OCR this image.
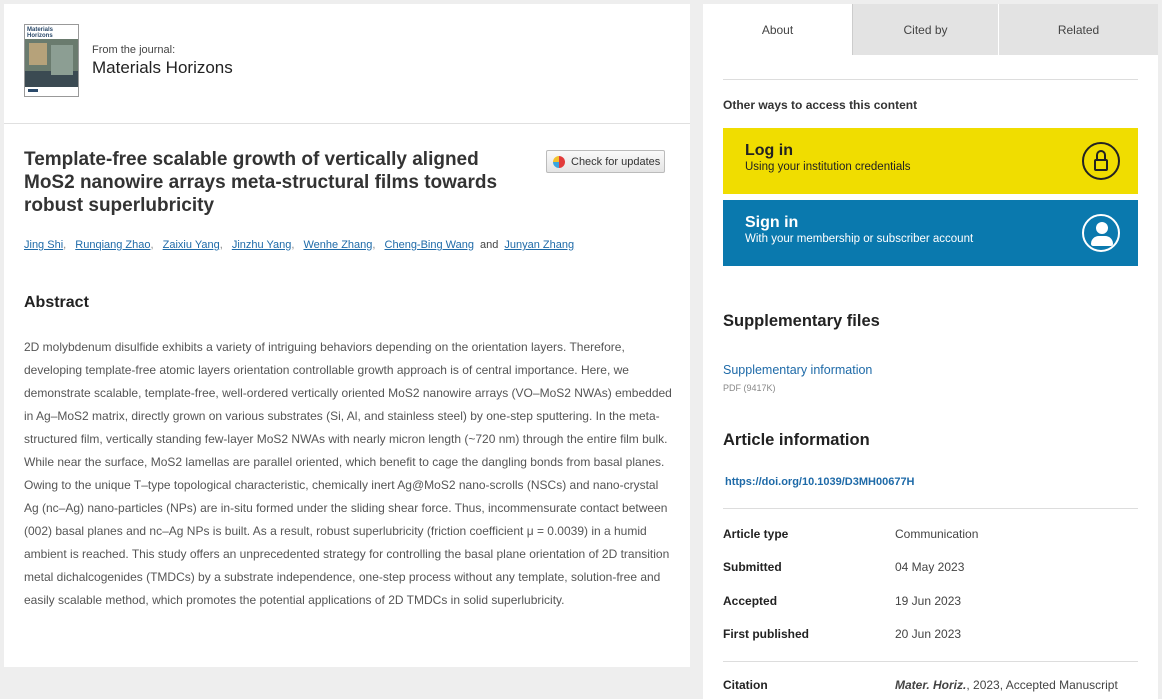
Materials Horizons
From the journal:
Materials Horizons
Template-free scalable growth of vertically aligned MoS2 nanowire arrays meta-structural films towards robust superlubricity
Check for updates
Jing Shi, Runqiang Zhao, Zaixiu Yang, Jinzhu Yang, Wenhe Zhang, Cheng-Bing Wang and Junyan Zhang
Abstract

2D molybdenum disulfide exhibits a variety of intriguing behaviors depending on the orientation layers. Therefore, developing template-free atomic layers orientation controllable growth approach is of central importance. Here, we demonstrate scalable, template-free, well-ordered vertically oriented MoS2 nanowire arrays (VO–MoS2 NWAs) embedded in Ag–MoS2 matrix, directly grown on various substrates (Si, Al, and stainless steel) by one-step sputtering. In the meta-structured film, vertically standing few-layer MoS2 NWAs with nearly micron length (~720 nm) through the entire film bulk. While near the surface, MoS2 lamellas are parallel oriented, which benefit to cage the dangling bonds from basal planes. Owing to the unique T–type topological characteristic, chemically inert Ag@MoS2 nano-scrolls (NSCs) and nano-crystal Ag (nc–Ag) nano-particles (NPs) are in-situ formed under the sliding shear force. Thus, incommensurate contact between (002) basal planes and nc–Ag NPs is built. As a result, robust superlubricity (friction coefficient μ = 0.0039) in a humid ambient is reached. This study offers an unprecedented strategy for controlling the basal plane orientation of 2D transition metal dichalcogenides (TMDCs) by a substrate independence, one-step process without any template, solution-free and easily scalable method, which promotes the potential applications of 2D TMDCs in solid superlubricity.

About	Cited by	Related
Other ways to access this content
Log in
Using your institution credentials
Sign in
With your membership or subscriber account
Supplementary files
Supplementary information
PDF (9417K)
Article information
https://doi.org/10.1039/D3MH00677H
Article type	Communication
Submitted	04 May 2023
Accepted	19 Jun 2023
First published	20 Jun 2023
Citation	Mater. Horiz., 2023, Accepted Manuscript
